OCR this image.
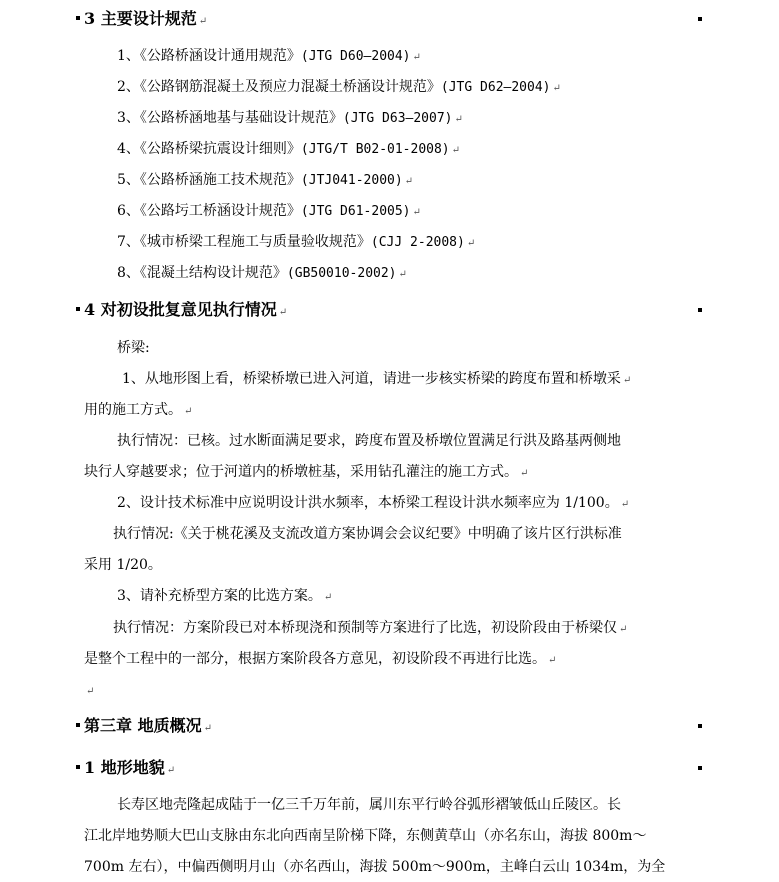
3 主要设计规范 ↵
1、《公路桥涵设计通用规范》(JTG D60—2004) ↵
2、《公路钢筋混凝土及预应力混凝土桥涵设计规范》(JTG D62—2004) ↵
3、《公路桥涵地基与基础设计规范》(JTG D63—2007) ↵
4、《公路桥梁抗震设计细则》(JTG/T B02-01-2008) ↵
5、《公路桥涵施工技术规范》(JTJ041-2000) ↵
6、《公路圬工桥涵设计规范》(JTG D61-2005) ↵
7、《城市桥梁工程施工与质量验收规范》(CJJ 2-2008) ↵
8、《混凝土结构设计规范》(GB50010-2002) ↵
4 对初设批复意见执行情况 ↵
桥梁:
1、从地形图上看，桥梁桥墩已进入河道，请进一步核实桥梁的跨度布置和桥墩采 ↵
用的施工方式。 ↵
执行情况：已核。过水断面满足要求，跨度布置及桥墩位置满足行洪及路基两侧地
块行人穿越要求；位于河道内的桥墩桩基，采用钻孔灌注的施工方式。 ↵
2、设计技术标准中应说明设计洪水频率，本桥梁工程设计洪水频率应为 1/100。 ↵
执行情况:《关于桃花溪及支流改道方案协调会会议纪要》中明确了该片区行洪标准
采用 1/20。
3、请补充桥型方案的比选方案。 ↵
执行情况：方案阶段已对本桥现浇和预制等方案进行了比选，初设阶段由于桥梁仅 ↵
是整个工程中的一部分，根据方案阶段各方意见，初设阶段不再进行比选。 ↵
↵
第三章 地质概况 ↵
1 地形地貌 ↵
长寿区地壳隆起成陆于一亿三千万年前，属川东平行岭谷弧形褶皱低山丘陵区。长
江北岸地势顺大巴山支脉由东北向西南呈阶梯下降，东侧黄草山（亦名东山，海拔 800m～
700m 左右），中偏西侧明月山（亦名西山，海拔 500m～900m，主峰白云山 1034m，为全
